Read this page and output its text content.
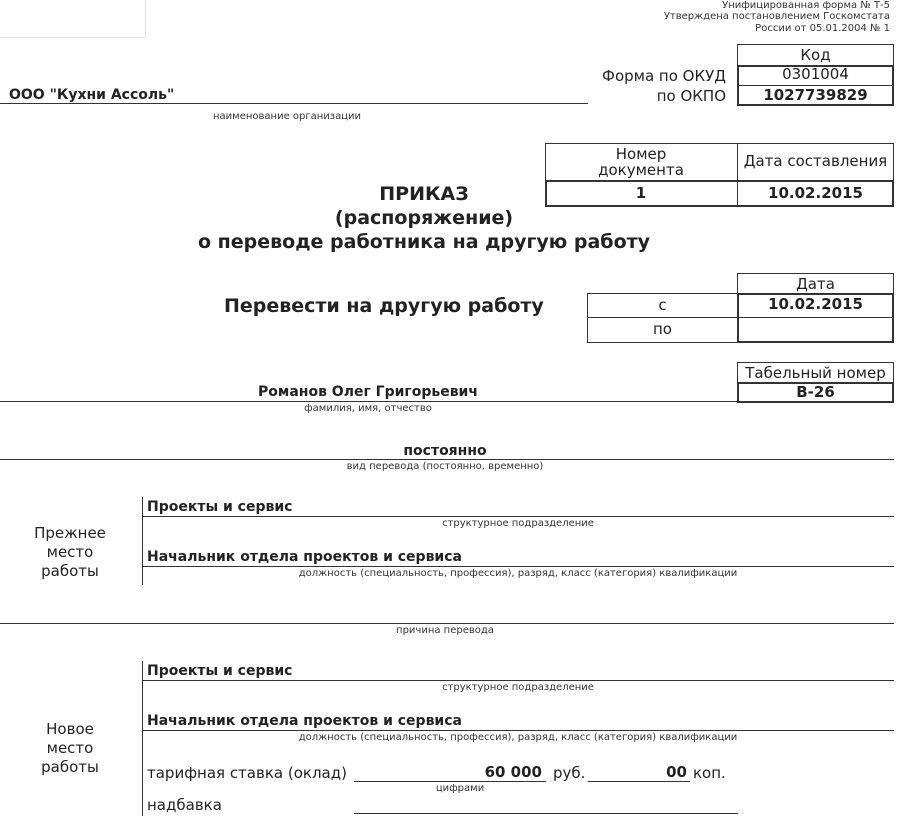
Унифицированная форма № Т-5
Утверждена постановлением Госкомстата
России от 05.01.2004 № 1
Код
Форма по ОКУД	0301004
по ОКПО	1027739829
ООО "Кухни Ассоль"
наименование организации
Номер документа	Дата составления
1	10.02.2015
ПРИКАЗ
(распоряжение)
о переводе работника на другую работу
Перевести на другую работу
Дата
с	10.02.2015
по
Табельный номер
В-26
Романов Олег Григорьевич
фамилия, имя, отчество
постоянно
вид перевода (постоянно, временно)
Прежнее место работы
Проекты и сервис
структурное подразделение
Начальник отдела проектов и сервиса
должность (специальность, профессия), разряд, класс (категория) квалификации
причина перевода
Новое место работы
Проекты и сервис
структурное подразделение
Начальник отдела проектов и сервиса
должность (специальность, профессия), разряд, класс (категория) квалификации
тарифная ставка (оклад)	60 000 руб.	00 коп.
цифрами
надбавка
